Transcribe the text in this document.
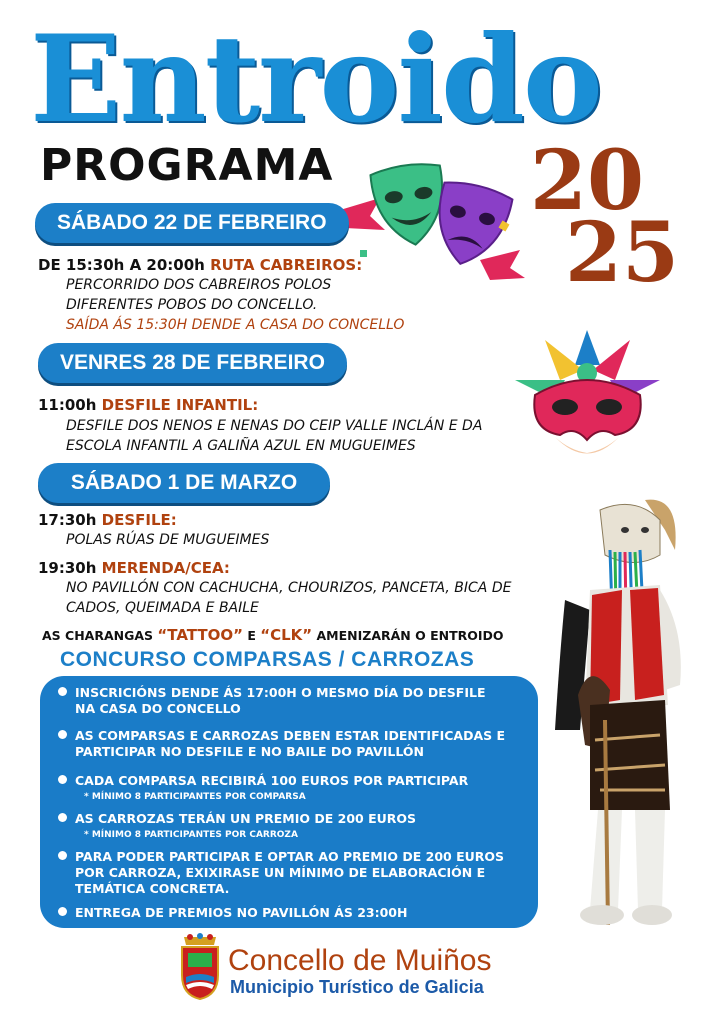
Entroido
PROGRAMA 20
25
SÁBADO 22 DE FEBREIRO
DE 15:30h A 20:00h RUTA CABREIROS:
PERCORRIDO DOS CABREIROS POLOS
DIFERENTES POBOS DO CONCELLO.
SAÍDA ÁS 15:30H DENDE A CASA DO CONCELLO
VENRES 28 DE FEBREIRO
11:00h DESFILE INFANTIL:
DESFILE DOS NENOS E NENAS DO CEIP VALLE INCLÁN E DA
ESCOLA INFANTIL A GALIÑA AZUL EN MUGUEIMES
SÁBADO 1 DE MARZO
17:30h DESFILE:
POLAS RÚAS DE MUGUEIMES
19:30h MERENDA/CEA:
NO PAVILLÓN CON CACHUCHA, CHOURIZOS, PANCETA, BICA DE
CADOS, QUEIMADA E BAILE
AS CHARANGAS “TATTOO” E “CLK” AMENIZARÁN O ENTROIDO
CONCURSO COMPARSAS / CARROZAS
INSCRICIÓNS DENDE ÁS 17:00H O MESMO DÍA DO DESFILE
NA CASA DO CONCELLO
AS COMPARSAS E CARROZAS DEBEN ESTAR IDENTIFICADAS E
PARTICIPAR NO DESFILE E NO BAILE DO PAVILLÓN
CADA COMPARSA RECIBIRÁ 100 EUROS POR PARTICIPAR
* MÍNIMO 8 PARTICIPANTES POR COMPARSA
AS CARROZAS TERÁN UN PREMIO DE 200 EUROS
* MÍNIMO 8 PARTICIPANTES POR CARROZA
PARA PODER PARTICIPAR E OPTAR AO PREMIO DE 200 EUROS
POR CARROZA, EXIXIRASE UN MÍNIMO DE ELABORACIÓN E
TEMÁTICA CONCRETA.
ENTREGA DE PREMIOS NO PAVILLÓN ÁS 23:00H
Concello de Muiños
Municipio Turístico de Galicia
